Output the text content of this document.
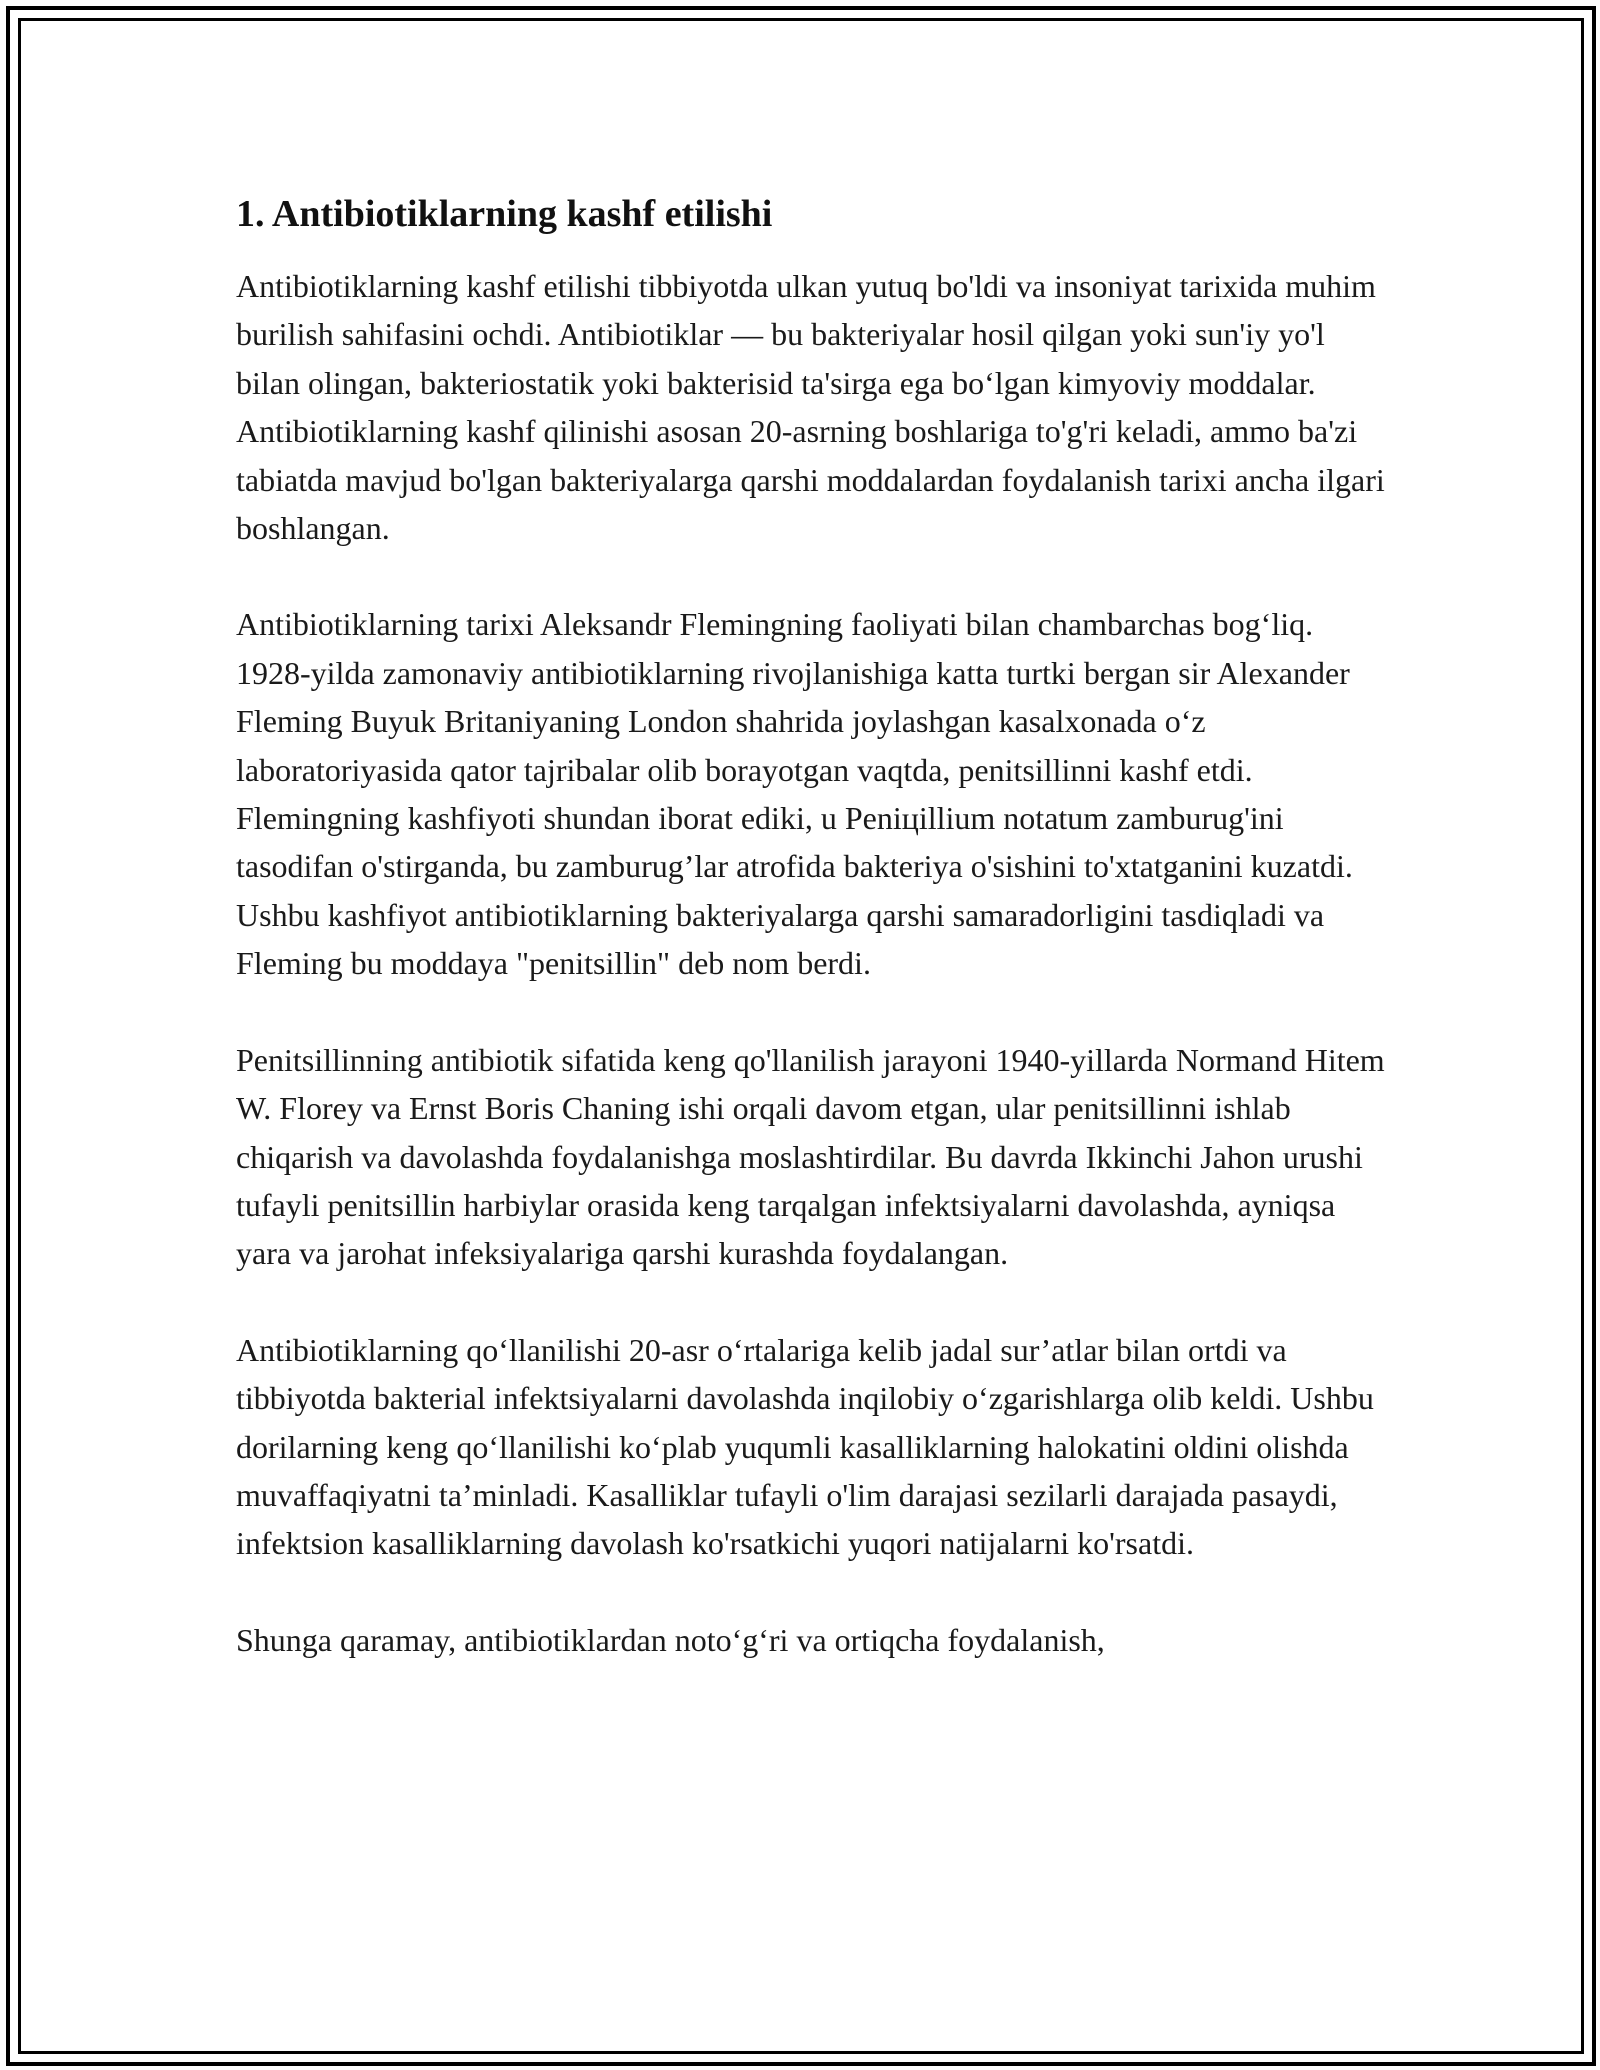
1. Antibiotiklarning kashf etilishi

Antibiotiklarning kashf etilishi tibbiyotda ulkan yutuq bo'ldi va insoniyat tarixida muhim burilish sahifasini ochdi. Antibiotiklar — bu bakteriyalar hosil qilgan yoki sun'iy yo'l bilan olingan, bakteriostatik yoki bakterisid ta'sirga ega bo‘lgan kimyoviy moddalar. Antibiotiklarning kashf qilinishi asosan 20-asrning boshlariga to'g'ri keladi, ammo ba'zi tabiatda mavjud bo'lgan bakteriyalarga qarshi moddalardan foydalanish tarixi ancha ilgari boshlangan.

Antibiotiklarning tarixi Aleksandr Flemingning faoliyati bilan chambarchas bog‘liq. 1928-yilda zamonaviy antibiotiklarning rivojlanishiga katta turtki bergan sir Alexander Fleming Buyuk Britaniyaning London shahrida joylashgan kasalxonada o‘z laboratoriyasida qator tajribalar olib borayotgan vaqtda, penitsillinni kashf etdi. Flemingning kashfiyoti shundan iborat ediki, u Peniцillium notatum zamburug'ini tasodifan o'stirganda, bu zamburug’lar atrofida bakteriya o'sishini to'xtatganini kuzatdi. Ushbu kashfiyot antibiotiklarning bakteriyalarga qarshi samaradorligini tasdiqladi va Fleming bu moddaya "penitsillin" deb nom berdi.

Penitsillinning antibiotik sifatida keng qo'llanilish jarayoni 1940-yillarda Normand Hitem W. Florey va Ernst Boris Chaning ishi orqali davom etgan, ular penitsillinni ishlab chiqarish va davolashda foydalanishga moslashtirdilar. Bu davrda Ikkinchi Jahon urushi tufayli penitsillin harbiylar orasida keng tarqalgan infektsiyalarni davolashda, ayniqsa yara va jarohat infeksiyalariga qarshi kurashda foydalangan.

Antibiotiklarning qo‘llanilishi 20-asr o‘rtalariga kelib jadal sur’atlar bilan ortdi va tibbiyotda bakterial infektsiyalarni davolashda inqilobiy o‘zgarishlarga olib keldi. Ushbu dorilarning keng qo‘llanilishi ko‘plab yuqumli kasalliklarning halokatini oldini olishda muvaffaqiyatni ta’minladi. Kasalliklar tufayli o'lim darajasi sezilarli darajada pasaydi, infektsion kasalliklarning davolash ko'rsatkichi yuqori natijalarni ko'rsatdi.

Shunga qaramay, antibiotiklardan noto‘g‘ri va ortiqcha foydalanish,
